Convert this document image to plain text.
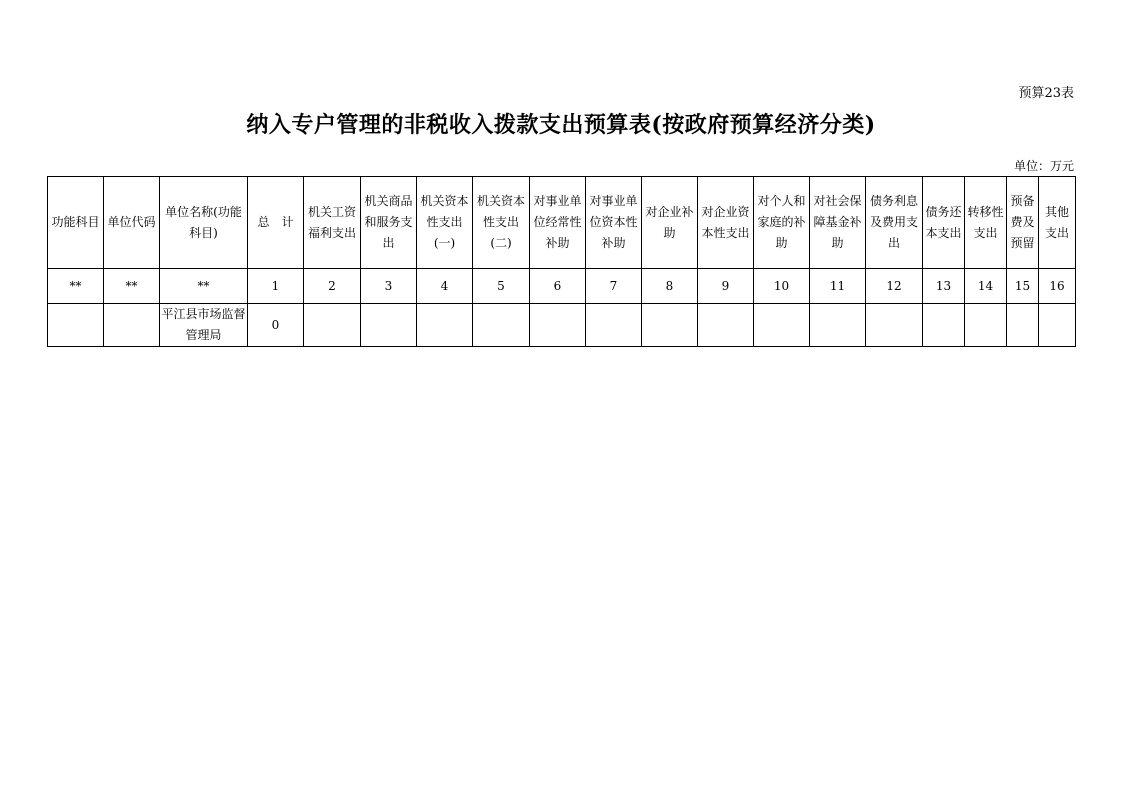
预算23表
纳入专户管理的非税收入拨款支出预算表(按政府预算经济分类)
单位：万元
功能科目	单位代码	单位名称(功能科目)	总　计	机关工资福利支出	机关商品和服务支出	机关资本性支出(一)	机关资本性支出(二)	对事业单位经常性补助	对事业单位资本性补助	对企业补助	对企业资本性支出	对个人和家庭的补助	对社会保障基金补助	债务利息及费用支出	债务还本支出	转移性支出	预备费及预留	其他支出	
**	**	**	1	2	3	4	5	6	7	8	9	10	11	12	13	14	15	16	
		平江县市场监督管理局	0																
